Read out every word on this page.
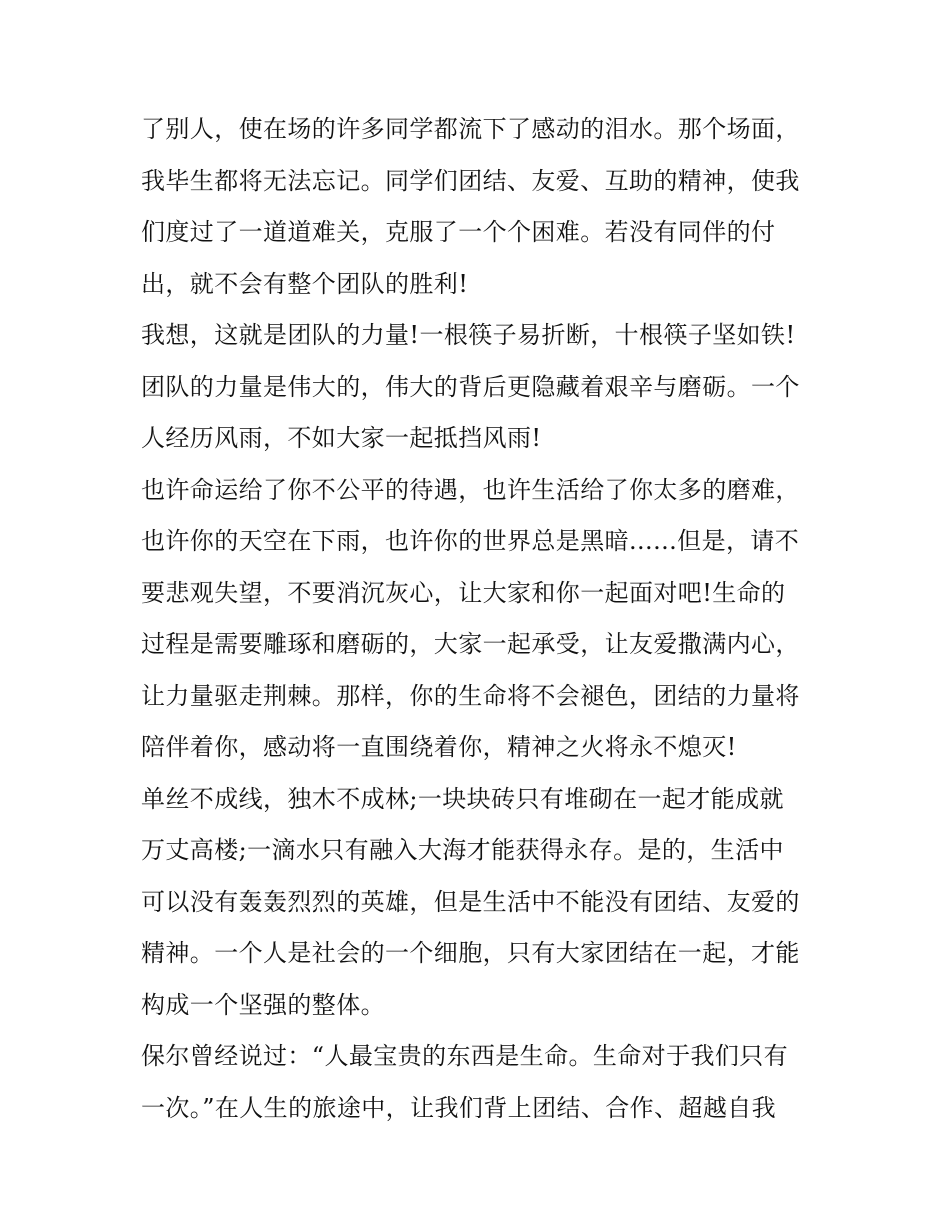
了别人，使在场的许多同学都流下了感动的泪水。那个场面，
我毕生都将无法忘记。同学们团结、友爱、互助的精神，使我
们度过了一道道难关，克服了一个个困难。若没有同伴的付
出，就不会有整个团队的胜利!
我想，这就是团队的力量!一根筷子易折断，十根筷子坚如铁!
团队的力量是伟大的，伟大的背后更隐藏着艰辛与磨砺。一个
人经历风雨，不如大家一起抵挡风雨!
也许命运给了你不公平的待遇，也许生活给了你太多的磨难，
也许你的天空在下雨，也许你的世界总是黑暗......但是，请不
要悲观失望，不要消沉灰心，让大家和你一起面对吧!生命的
过程是需要雕琢和磨砺的，大家一起承受，让友爱撒满内心，
让力量驱走荆棘。那样，你的生命将不会褪色，团结的力量将
陪伴着你，感动将一直围绕着你，精神之火将永不熄灭!
单丝不成线，独木不成林;一块块砖只有堆砌在一起才能成就
万丈高楼;一滴水只有融入大海才能获得永存。是的，生活中
可以没有轰轰烈烈的英雄，但是生活中不能没有团结、友爱的
精神。一个人是社会的一个细胞，只有大家团结在一起，才能
构成一个坚强的整体。
保尔曾经说过：“人最宝贵的东西是生命。生命对于我们只有
一次。”在人生的旅途中，让我们背上团结、合作、超越自我
